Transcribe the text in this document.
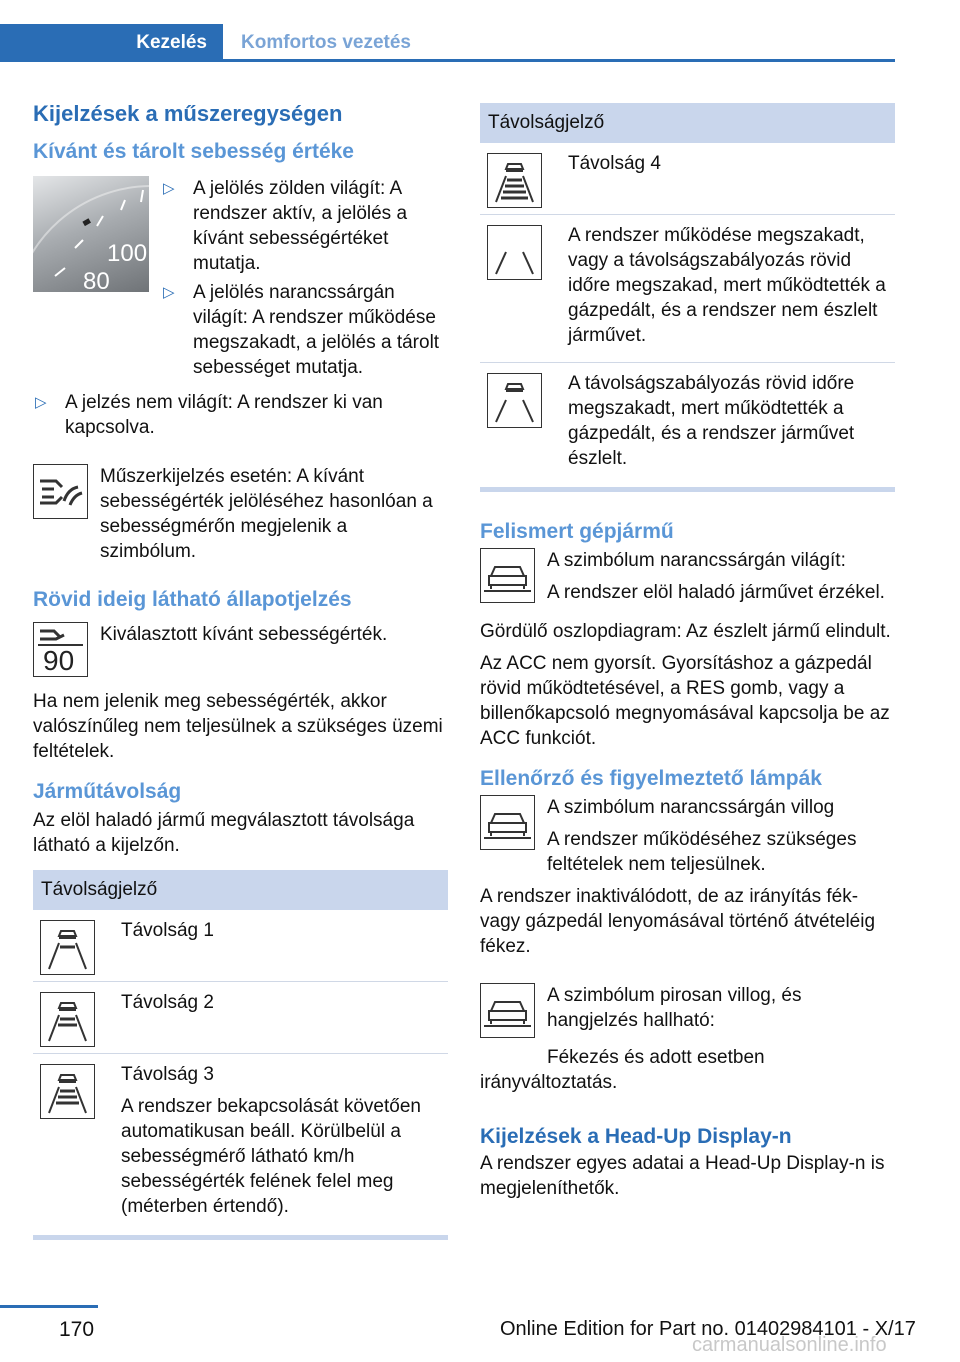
Kezelés Komfortos vezetés
Kijelzések a műszeregységen
Kívánt és tárolt sebesség értéke
100
80
▷ A jelölés zölden világít: A rendszer aktív, a jelölés a kívánt sebességértéket mutatja.
▷ A jelölés narancssárgán világít: A rendszer működése megszakadt, a jelölés a tárolt sebességet mutatja.
▷ A jelzés nem világít: A rendszer ki van kapcsolva.

Műszerkijelzés esetén: A kívánt sebességérték jelöléséhez hasonlóan a sebességmérőn megjelenik a szimbólum.

Rövid ideig látható állapotjelzés
90

Kiválasztott kívánt sebességérték.

Ha nem jelenik meg sebességérték, akkor valószínűleg nem teljesülnek a szükséges üzemi feltételek.

Járműtávolság

Az elöl haladó jármű megválasztott távolsága látható a kijelzőn.

Távolságjelző	

Távolság 1

Távolság 2

Távolság 3

A rendszer bekapcsolását követően automatikusan beáll. Körülbelül a sebességmérő látható km/h sebességérték felének felel meg (méterben értendő).

Távolságjelző	

Távolság 4

A rendszer működése megszakadt, vagy a távolságszabályozás rövid időre megszakad, mert működtették a gázpedált, és a rendszer nem észlelt járművet.

A távolságszabályozás rövid időre megszakadt, mert működtették a gázpedált, és a rendszer járművet észlelt.

Felismert gépjármű

A szimbólum narancssárgán világít:

A rendszer elöl haladó járművet érzékel.

Gördülő oszlopdiagram: Az észlelt jármű elindult.

Az ACC nem gyorsít. Gyorsításhoz a gázpedál rövid működtetésével, a RES gomb, vagy a billenőkapcsoló megnyomásával kapcsolja be az ACC funkciót.

Ellenőrző és figyelmeztető lámpák

A szimbólum narancssárgán villog

A rendszer működéséhez szükséges feltételek nem teljesülnek.

A rendszer inaktiválódott, de az irányítás fék- vagy gázpedál lenyomásával történő átvételéig fékez.

A szimbólum pirosan villog, és hangjelzés hallható:

Fékezés és adott esetben irányváltoztatás.

Kijelzések a Head-Up Display-n

A rendszer egyes adatai a Head-Up Display-n is megjeleníthetők.

170	Online Edition for Part no. 01402984101 - X/17
carmanualsonline.info
